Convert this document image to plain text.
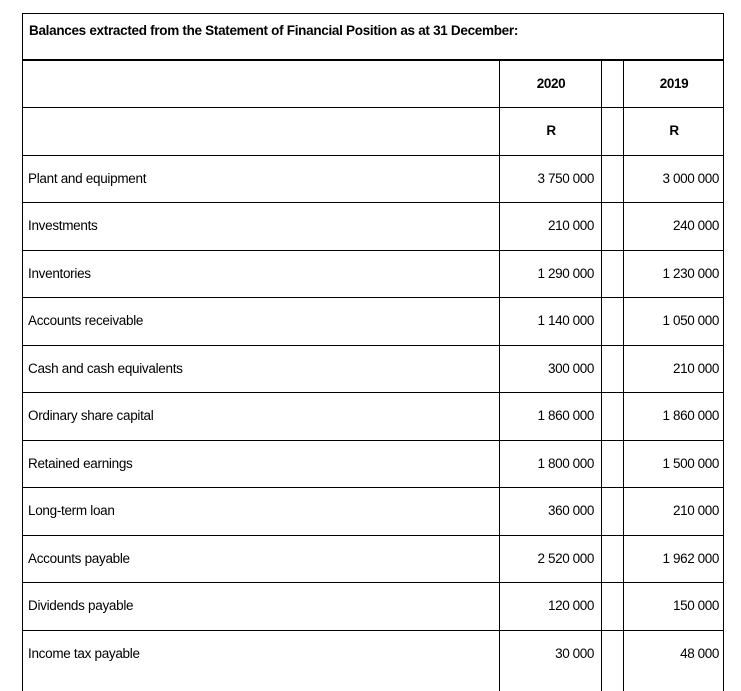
Balances extracted from the Statement of Financial Position as at 31 December:
2020	2019
R	R
Plant and equipment	3 750 000	3 000 000
Investments	210 000	240 000
Inventories	1 290 000	1 230 000
Accounts receivable	1 140 000	1 050 000
Cash and cash equivalents	300 000	210 000
Ordinary share capital	1 860 000	1 860 000
Retained earnings	1 800 000	1 500 000
Long-term loan	360 000	210 000
Accounts payable	2 520 000	1 962 000
Dividends payable	120 000	150 000
Income tax payable	30 000	48 000
